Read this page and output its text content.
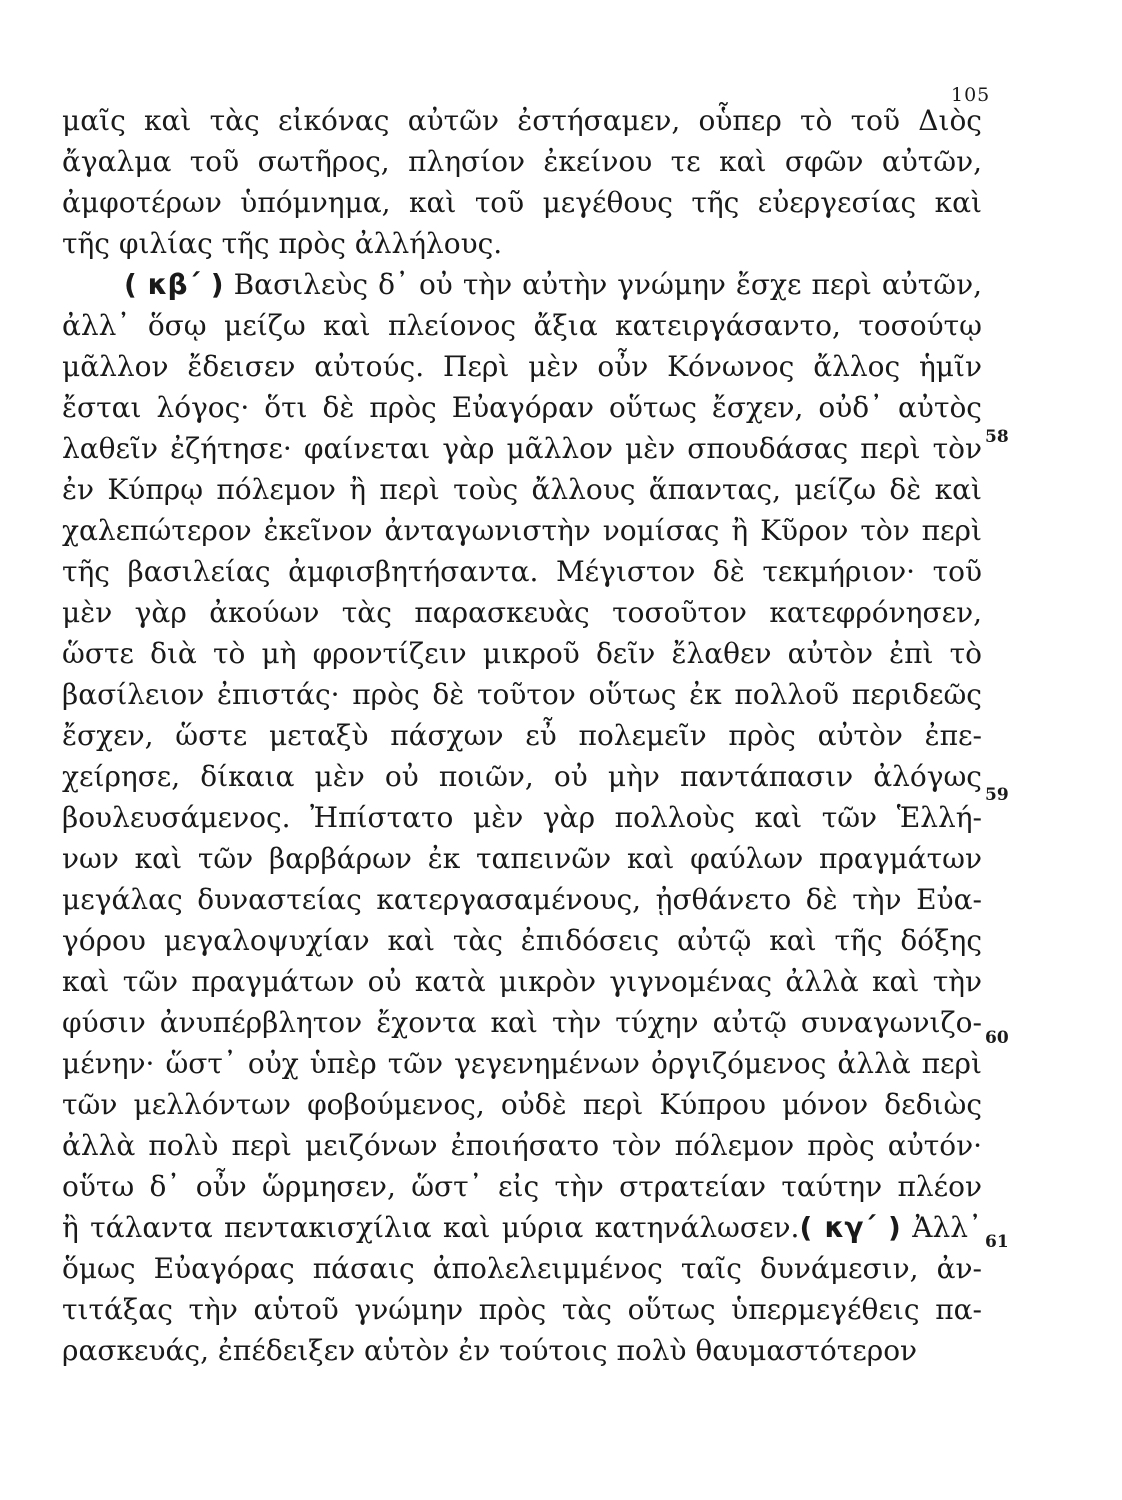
105
μαῖς καὶ τὰς εἰκόνας αὐτῶν ἐστήσαμεν, οὗπερ τὸ τοῦ Διὸς
ἄγαλμα τοῦ σωτῆρος, πλησίον ἐκείνου τε καὶ σφῶν αὐτῶν,
ἀμφοτέρων ὑπόμνημα, καὶ τοῦ μεγέθους τῆς εὐεργεσίας καὶ
τῆς φιλίας τῆς πρὸς ἀλλήλους.
( κβ΄ ) Βασιλεὺς δ᾽ οὐ τὴν αὐτὴν γνώμην ἔσχε περὶ αὐτῶν,
ἀλλ᾽ ὅσῳ μείζω καὶ πλείονος ἄξια κατειργάσαντο, τοσούτῳ
μᾶλλον ἔδεισεν αὐτούς. Περὶ μὲν οὖν Κόνωνος ἄλλος ἡμῖν
ἔσται λόγος· ὅτι δὲ πρὸς Εὐαγόραν οὕτως ἔσχεν, οὐδ᾽ αὐτὸς
λαθεῖν ἐζήτησε· φαίνεται γὰρ μᾶλλον μὲν σπουδάσας περὶ τὸν
ἐν Κύπρῳ πόλεμον ἢ περὶ τοὺς ἄλλους ἅπαντας, μείζω δὲ καὶ
χαλεπώτερον ἐκεῖνον ἀνταγωνιστὴν νομίσας ἢ Κῦρον τὸν περὶ
τῆς βασιλείας ἀμφισβητήσαντα. Μέγιστον δὲ τεκμήριον· τοῦ
μὲν γὰρ ἀκούων τὰς παρασκευὰς τοσοῦτον κατεφρόνησεν,
ὥστε διὰ τὸ μὴ φροντίζειν μικροῦ δεῖν ἔλαθεν αὐτὸν ἐπὶ τὸ
βασίλειον ἐπιστάς· πρὸς δὲ τοῦτον οὕτως ἐκ πολλοῦ περιδεῶς
ἔσχεν, ὥστε μεταξὺ πάσχων εὖ πολεμεῖν πρὸς αὐτὸν ἐπε-
χείρησε, δίκαια μὲν οὐ ποιῶν, οὐ μὴν παντάπασιν ἀλόγως
βουλευσάμενος. Ἠπίστατο μὲν γὰρ πολλοὺς καὶ τῶν Ἑλλή-
νων καὶ τῶν βαρβάρων ἐκ ταπεινῶν καὶ φαύλων πραγμάτων
μεγάλας δυναστείας κατεργασαμένους, ᾐσθάνετο δὲ τὴν Εὐα-
γόρου μεγαλοψυχίαν καὶ τὰς ἐπιδόσεις αὐτῷ καὶ τῆς δόξης
καὶ τῶν πραγμάτων οὐ κατὰ μικρὸν γιγνομένας ἀλλὰ καὶ τὴν
φύσιν ἀνυπέρβλητον ἔχοντα καὶ τὴν τύχην αὐτῷ συναγωνιζο-
μένην· ὥστ᾽ οὐχ ὑπὲρ τῶν γεγενημένων ὀργιζόμενος ἀλλὰ περὶ
τῶν μελλόντων φοβούμενος, οὐδὲ περὶ Κύπρου μόνον δεδιὼς
ἀλλὰ πολὺ περὶ μειζόνων ἐποιήσατο τὸν πόλεμον πρὸς αὐτόν·
οὕτω δ᾽ οὖν ὥρμησεν, ὥστ᾽ εἰς τὴν στρατείαν ταύτην πλέον
ἢ τάλαντα πεντακισχίλια καὶ μύρια κατηνάλωσεν.( κγ΄ ) Ἀλλ᾽
ὅμως Εὐαγόρας πάσαις ἀπολελειμμένος ταῖς δυνάμεσιν, ἀν-
τιτάξας τὴν αὑτοῦ γνώμην πρὸς τὰς οὕτως ὑπερμεγέθεις πα-
ρασκευάς, ἐπέδειξεν αὑτὸν ἐν τούτοις πολὺ θαυμαστότερον
58
59
60
61
